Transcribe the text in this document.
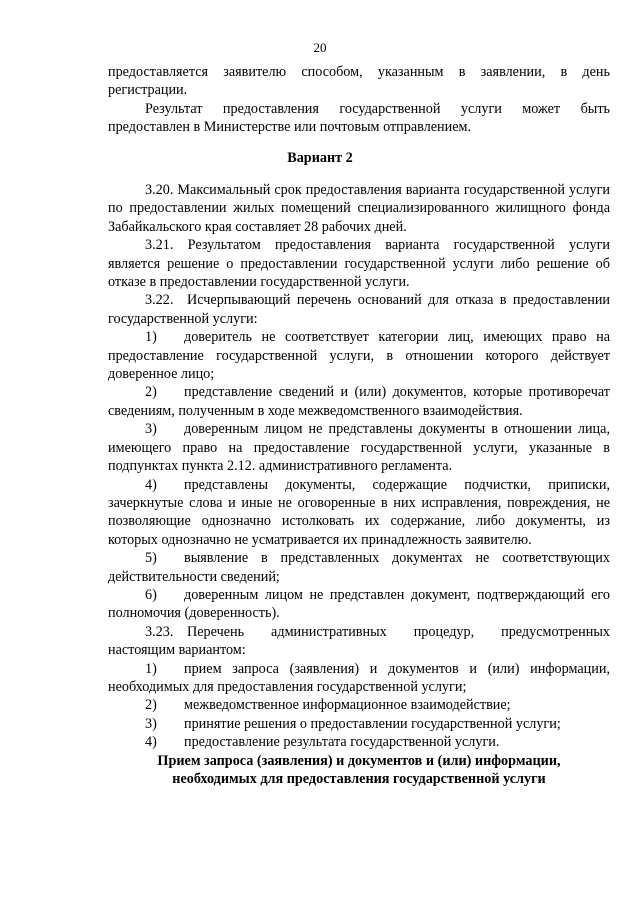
20

предоставляется заявителю способом, указанным в заявлении, в день

регистрации.

Результат предоставления государственной услуги может быть предоставлен в Министерстве или почтовым отправлением.

Вариант 2

3.20. Максимальный срок предоставления варианта государственной услуги по предоставлении жилых помещений специализированного жилищного фонда Забайкальского края составляет 28 рабочих дней.

3.21. Результатом предоставления варианта государственной услуги является решение о предоставлении государственной услуги либо решение об отказе в предоставлении государственной услуги.

3.22. Исчерпывающий перечень оснований для отказа в предоставлении государственной услуги:

1) доверитель не соответствует категории лиц, имеющих право на предоставление государственной услуги, в отношении которого действует доверенное лицо;

2) представление сведений и (или) документов, которые противоречат сведениям, полученным в ходе межведомственного взаимодействия.

3) доверенным лицом не представлены документы в отношении лица, имеющего право на предоставление государственной услуги, указанные в подпунктах пункта 2.12. административного регламента.

4) представлены документы, содержащие подчистки, приписки, зачеркнутые слова и иные не оговоренные в них исправления, повреждения, не позволяющие однозначно истолковать их содержание, либо документы, из которых однозначно не усматривается их принадлежность заявителю.

5) выявление в представленных документах не соответствующих действительности сведений;

6) доверенным лицом не представлен документ, подтверждающий его полномочия (доверенность).

3.23. Перечень административных процедур, предусмотренных настоящим вариантом:

1) прием запроса (заявления) и документов и (или) информации, необходимых для предоставления государственной услуги;

2) межведомственное информационное взаимодействие;

3) принятие решения о предоставлении государственной услуги;

4) предоставление результата государственной услуги.

Прием запроса (заявления) и документов и (или) информации,
необходимых для предоставления государственной услуги
